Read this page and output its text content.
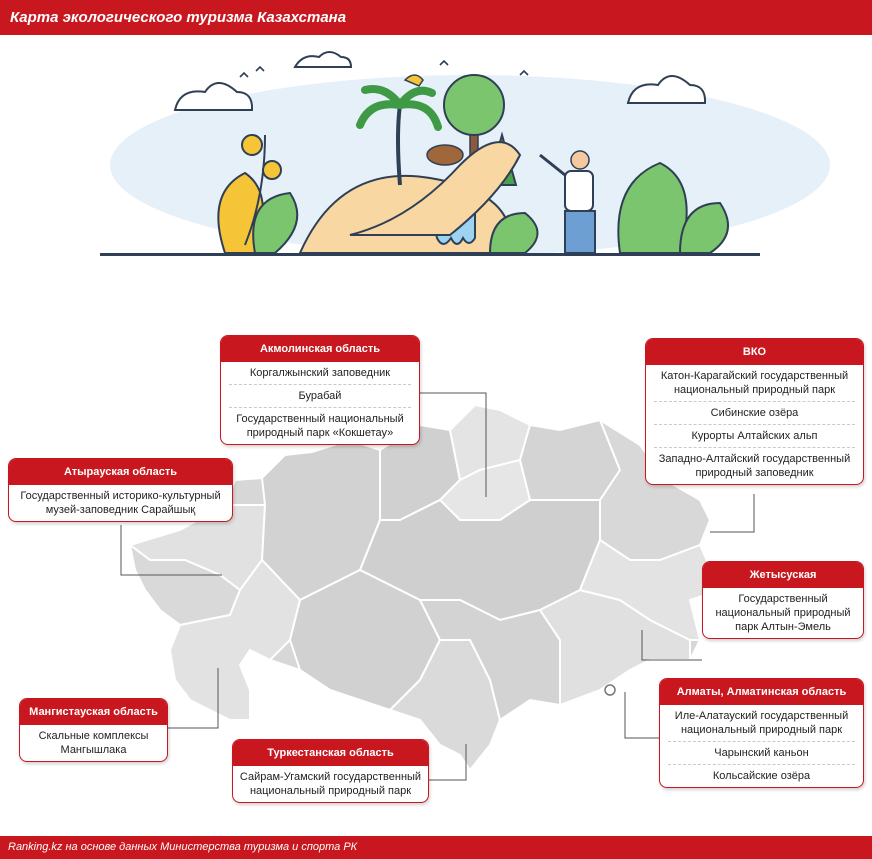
Карта экологического туризма Казахстана
Акмолинская область
Коргалжынский заповедник
Бурабай
Государственный национальный природный парк «Кокшетау»
ВКО
Катон-Карагайский государственный национальный природный парк
Сибинские озёра
Курорты Алтайских альп
Западно-Алтайский государственный природный заповедник
Атырауская область
Государственный историко-культурный музей-заповедник Сарайшық
Жетысуская
Государственный национальный природный парк Алтын-Эмель
Мангистауская область
Скальные комплексы Мангышлака	Туркестанская область
Сайрам-Угамский государственный национальный природный парк
Алматы, Алматинская область
Иле-Алатауский государственный национальный природный парк
Чарынский каньон
Кольсайские озёра
Ranking.kz на основе данных Министерства туризма и спорта РК
